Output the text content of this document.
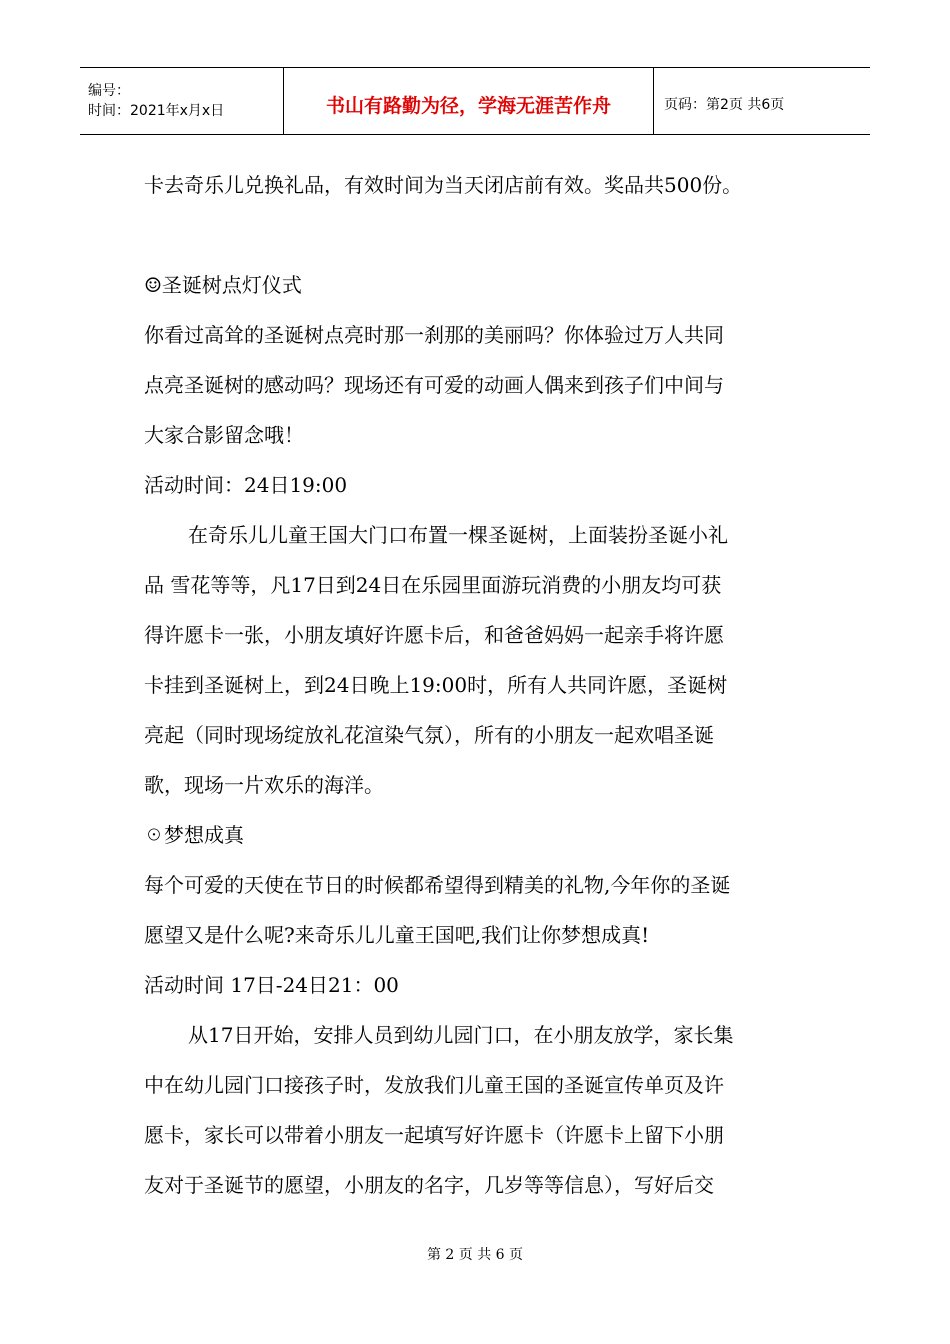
编号：
时间：2021年x月x日	书山有路勤为径，学海无涯苦作舟	页码：第2页 共6页
卡去奇乐儿兑换礼品，有效时间为当天闭店前有效。奖品共500份。
☺圣诞树点灯仪式
你看过高耸的圣诞树点亮时那一刹那的美丽吗？你体验过万人共同
点亮圣诞树的感动吗？现场还有可爱的动画人偶来到孩子们中间与
大家合影留念哦！
活动时间：24日19:00
在奇乐儿儿童王国大门口布置一棵圣诞树，上面装扮圣诞小礼
品 雪花等等，凡17日到24日在乐园里面游玩消费的小朋友均可获
得许愿卡一张，小朋友填好许愿卡后，和爸爸妈妈一起亲手将许愿
卡挂到圣诞树上，到24日晚上19:00时，所有人共同许愿，圣诞树
亮起（同时现场绽放礼花渲染气氛），所有的小朋友一起欢唱圣诞
歌，现场一片欢乐的海洋。
☉梦想成真
每个可爱的天使在节日的时候都希望得到精美的礼物,今年你的圣诞
愿望又是什么呢?来奇乐儿儿童王国吧,我们让你梦想成真!
活动时间 17日-24日21：00
从17日开始，安排人员到幼儿园门口，在小朋友放学，家长集
中在幼儿园门口接孩子时，发放我们儿童王国的圣诞宣传单页及许
愿卡，家长可以带着小朋友一起填写好许愿卡（许愿卡上留下小朋
友对于圣诞节的愿望，小朋友的名字，几岁等等信息），写好后交
第 2 页 共 6 页
